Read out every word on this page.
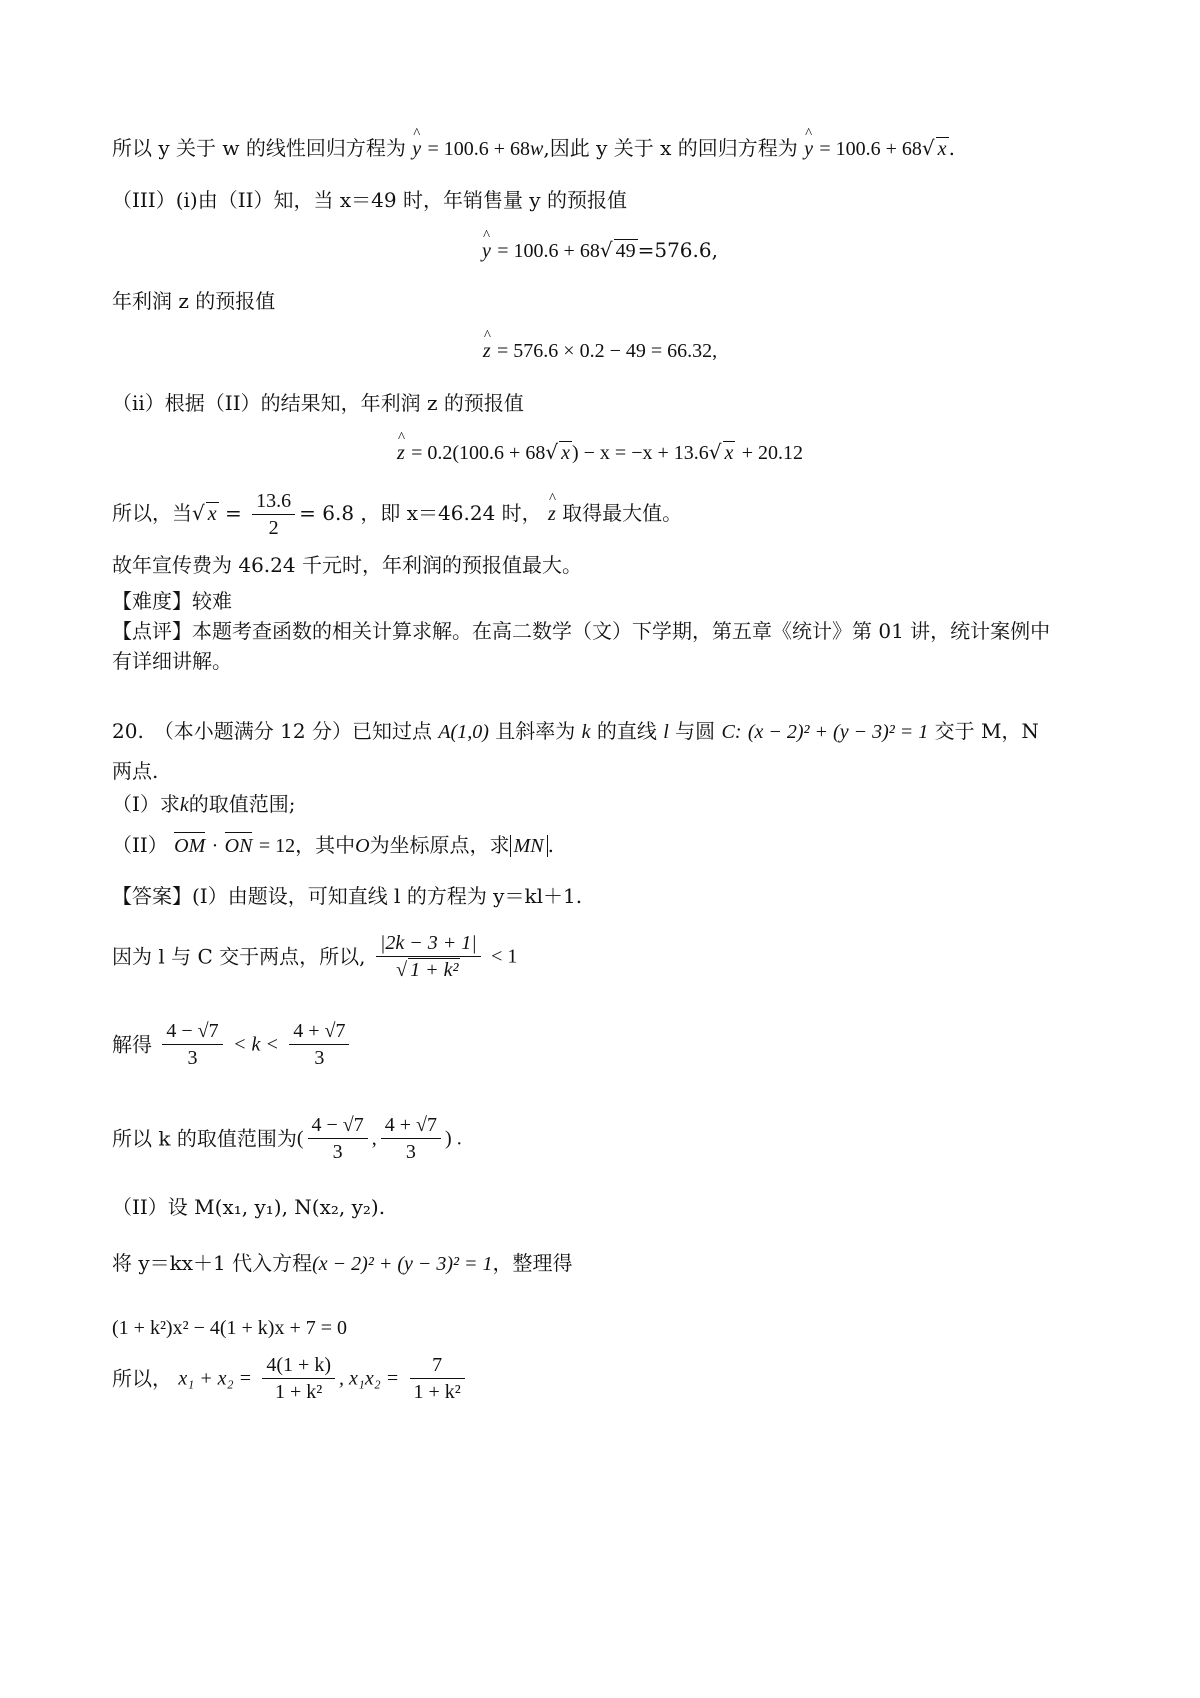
所以 y 关于 w 的线性回归方程为 ^ y = 100.6 + 68w,因此 y 关于 x 的回归方程为 ^ y = 100.6 + 68√ x .
（III）(i)由（II）知，当 x＝49 时，年销售量 y 的预报值
^ y = 100.6 + 68√ 49 =576.6,
年利润 z 的预报值
^ z = 576.6 × 0.2 − 49 = 66.32,
（ii）根据（II）的结果知，年利润 z 的预报值
^ z = 0.2(100.6 + 68√ x ) − x = −x + 13.6√ x + 20.12
所以，当√ $x = \frac{13.6}{2} = 6.8$ ，即 x＝46.24 时， ^ z 取得最大值。
故年宣传费为 46.24 千元时，年利润的预报值最大。
【难度】较难
【点评】本题考查函数的相关计算求解。在高二数学（文）下学期，第五章《统计》第 01 讲，统计案例中
有详细讲解。
20.　（本小题满分 12 分）已知过点 A(1,0) 且斜率为 k 的直线 l 与圆 C: (x − 2)² + (y − 3)² = 1 交于 M，N
两点.
（I）求k的取值范围;
（II） OM · ON = 12，其中O为坐标原点，求 MN .
【答案】(I）由题设，可知直线 l 的方程为 y＝kl＋1.
因为 l 与 C 交于两点，所以, $\frac{|2k - 3 + 1|}{\text{√ 1 + k²}} < 1$
解得 $\frac{4 - √7}{3} < k < \frac{4 + √7}{3}$
所以 k 的取值范围为( $\frac{4 - √7}{3}$ , $\frac{4 + √7}{3}$ ) .
（II）设 M(x₁, y₁), N(x₂, y₂).
将 y＝kx＋1 代入方程(x − 2)² + (y − 3)² = 1，整理得
(1 + k²)x² − 4(1 + k)x + 7 = 0
所以， $x_1 + x_2 = \frac{4(1 + k)}{\text{1 + k²}}$ , $x_1x_2 = \frac{7}{\text{1 + k²}}$
